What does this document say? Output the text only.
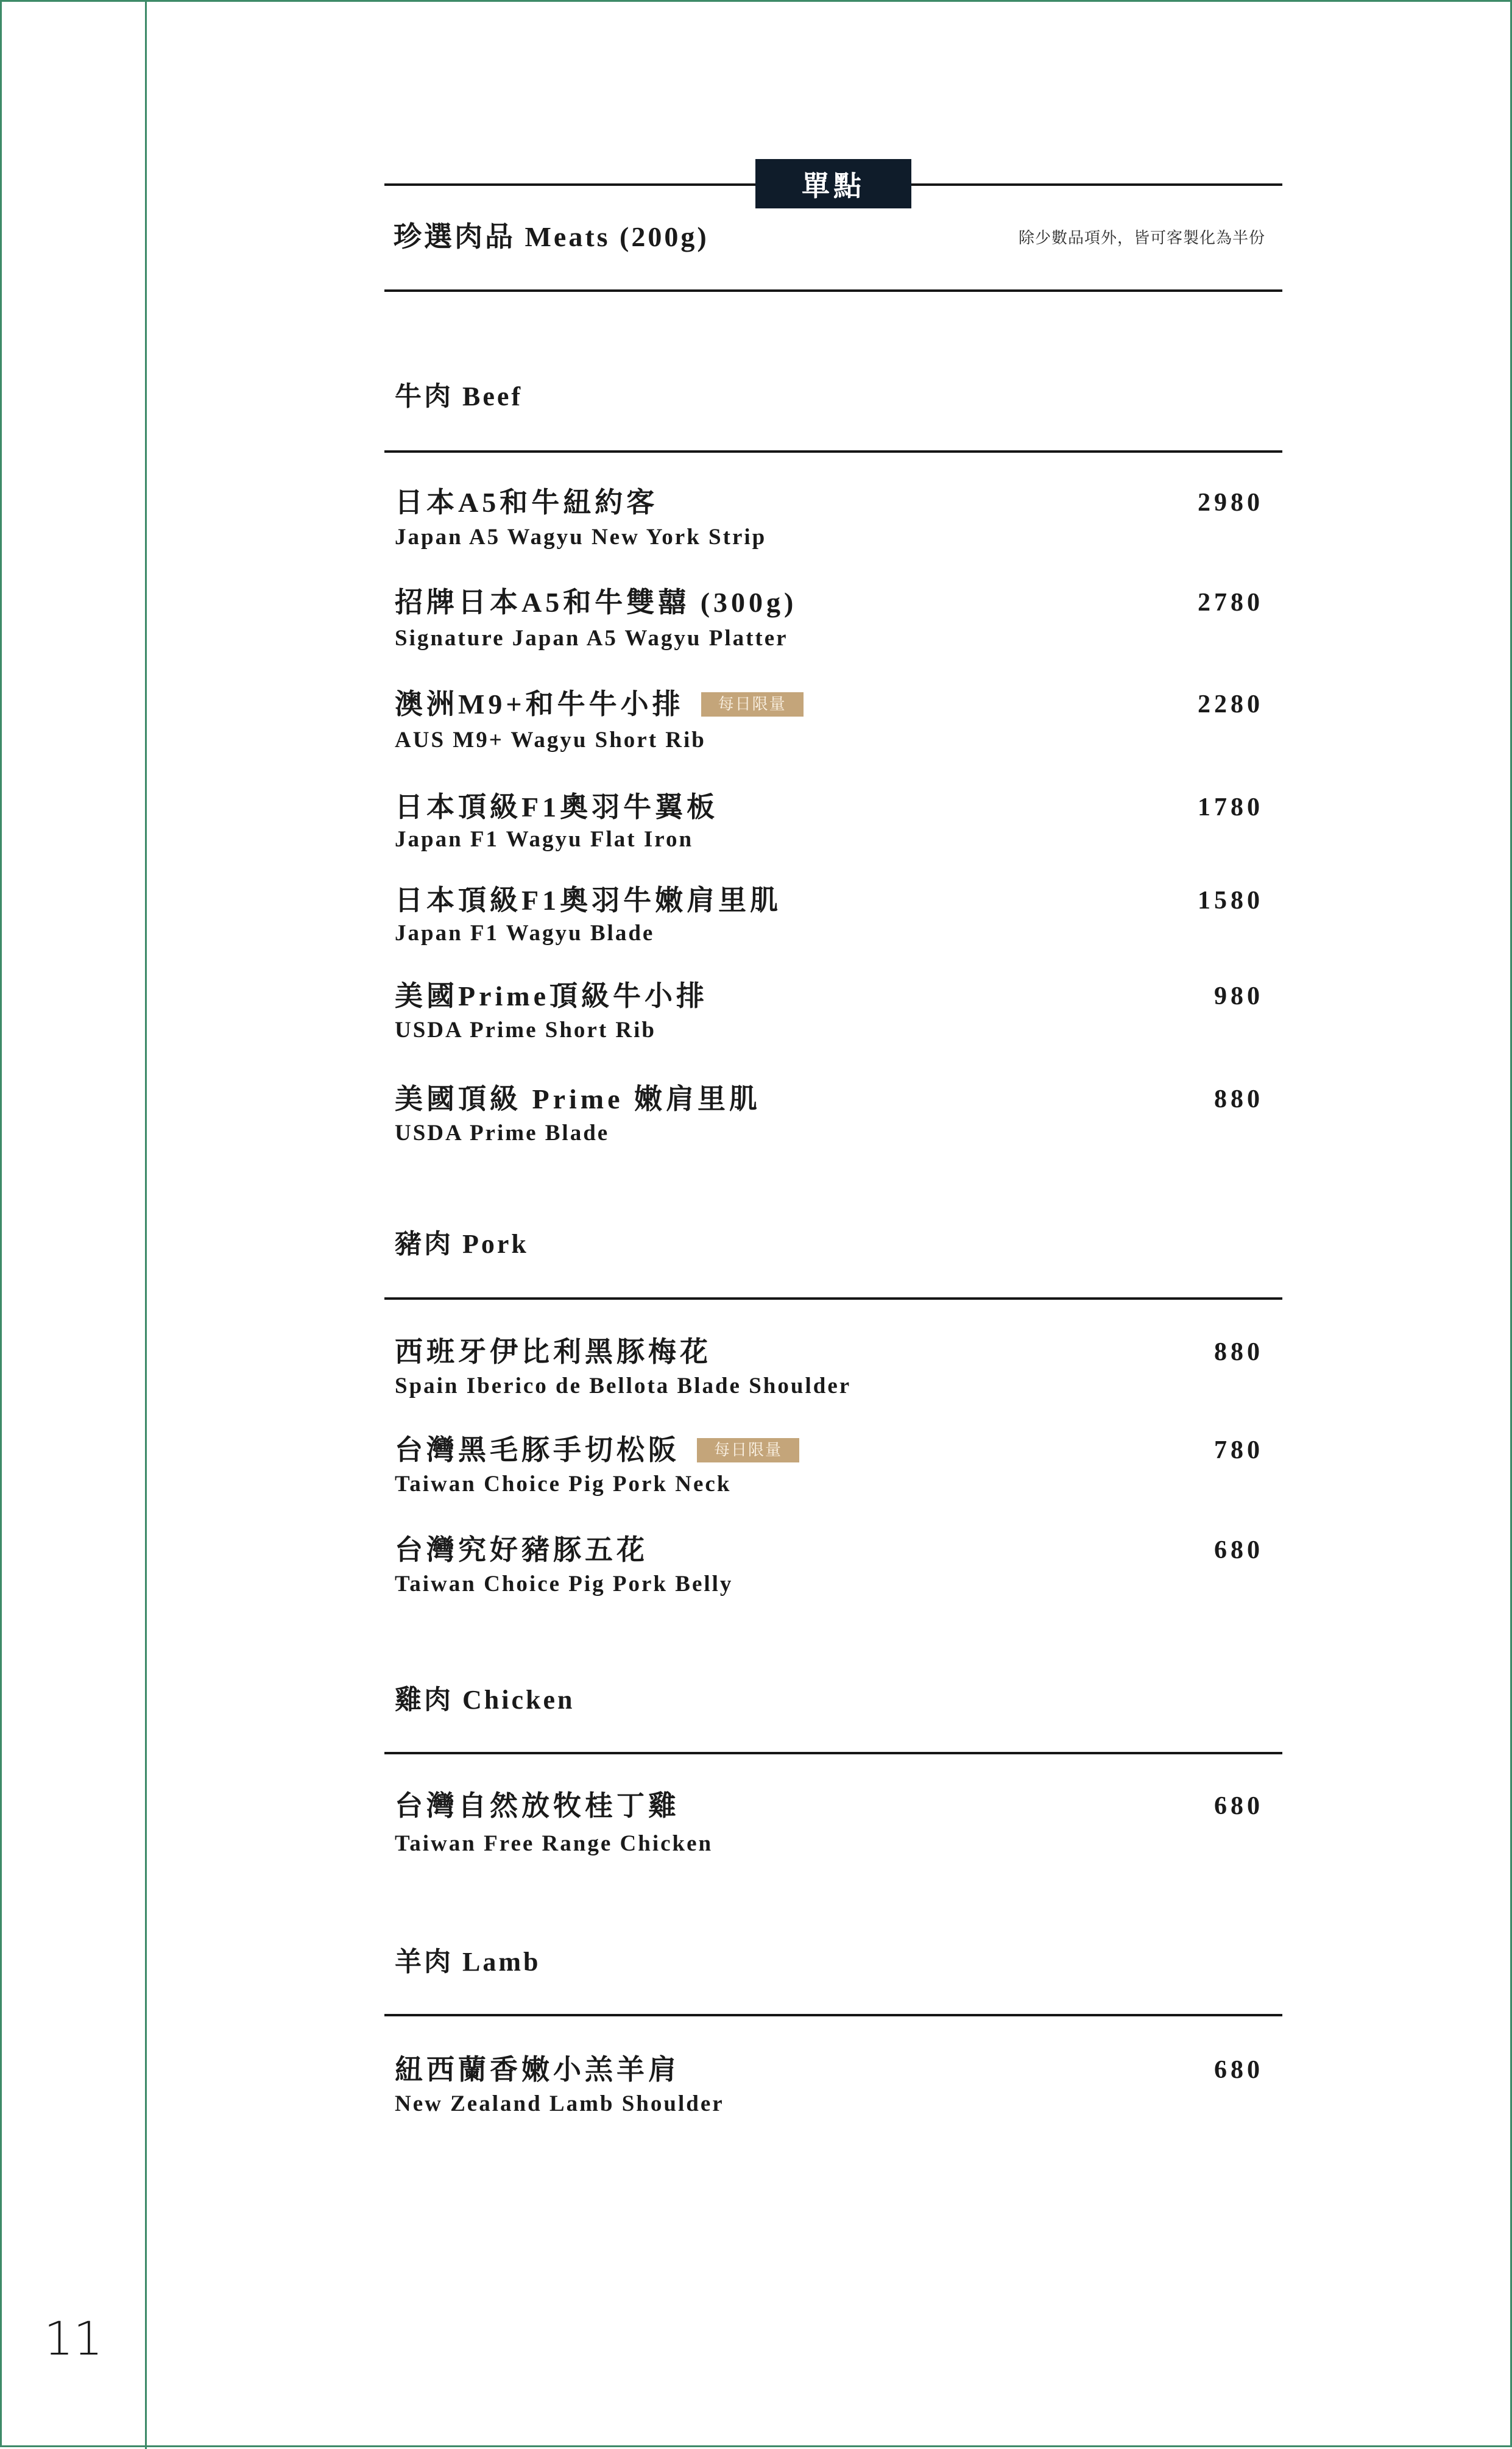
11
單點
珍選肉品 Meats (200g)	除少數品項外，皆可客製化為半份
牛肉 Beef
日本A5和牛紐約客
Japan A5 Wagyu New York Strip
2980
招牌日本A5和牛雙囍 (300g)
Signature Japan A5 Wagyu Platter
2780
澳洲M9+和牛牛小排	每日限量
AUS M9+ Wagyu Short Rib
2280
日本頂級F1奧羽牛翼板
Japan F1 Wagyu Flat Iron
1780
日本頂級F1奧羽牛嫩肩里肌
Japan F1 Wagyu Blade
1580
美國Prime頂級牛小排
USDA Prime Short Rib
980
美國頂級 Prime 嫩肩里肌
USDA Prime Blade
880
豬肉 Pork
西班牙伊比利黑豚梅花
Spain Iberico de Bellota Blade Shoulder
880
台灣黑毛豚手切松阪	每日限量
Taiwan Choice Pig Pork Neck
780
台灣究好豬豚五花
Taiwan Choice Pig Pork Belly
680
雞肉 Chicken
台灣自然放牧桂丁雞
Taiwan Free Range Chicken
680
羊肉 Lamb
紐西蘭香嫩小羔羊肩
New Zealand Lamb Shoulder
680
